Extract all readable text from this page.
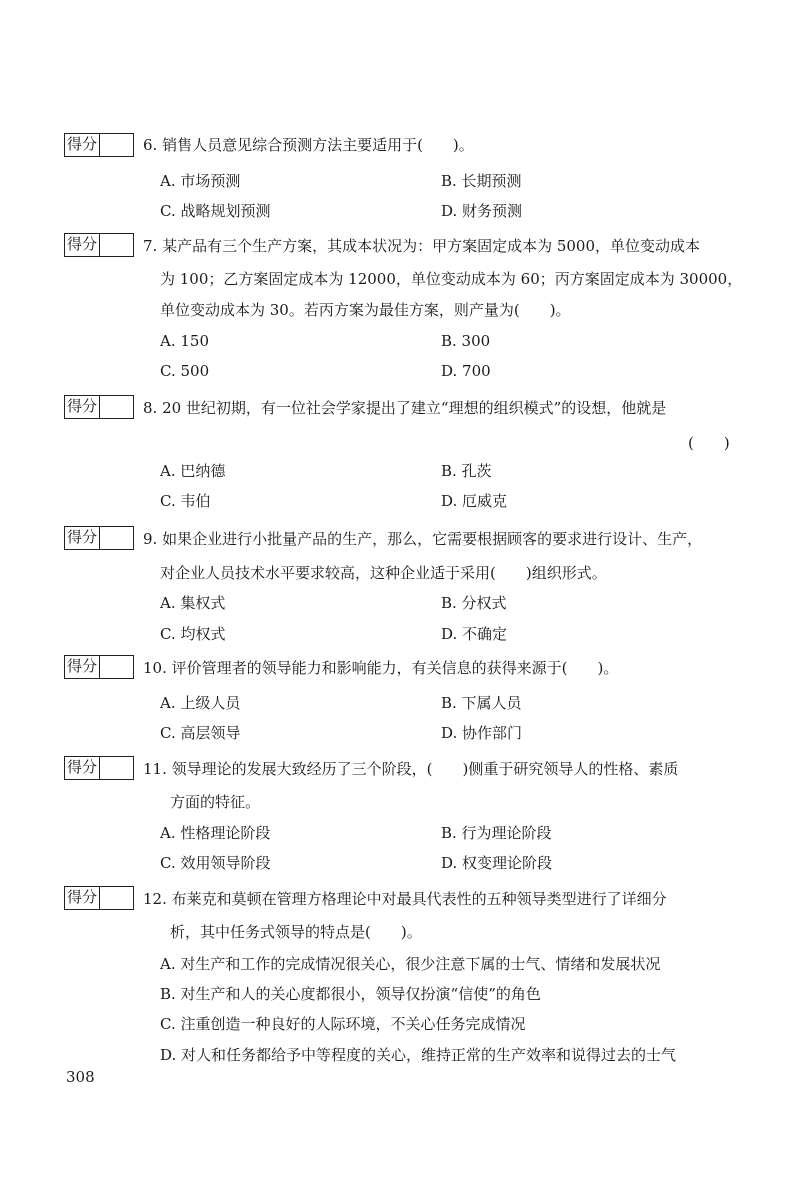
得分	6. 销售人员意见综合预测方法主要适用于(　　)。
A. 市场预测	B. 长期预测
C. 战略规划预测	D. 财务预测
得分	7. 某产品有三个生产方案，其成本状况为：甲方案固定成本为 5000，单位变动成本
为 100；乙方案固定成本为 12000，单位变动成本为 60；丙方案固定成本为 30000，
单位变动成本为 30。若丙方案为最佳方案，则产量为(　　)。
A. 150	B. 300
C. 500	D. 700
得分	8. 20 世纪初期，有一位社会学家提出了建立“理想的组织模式”的设想，他就是
(　　)
A. 巴纳德	B. 孔茨
C. 韦伯	D. 厄威克
得分	9. 如果企业进行小批量产品的生产，那么，它需要根据顾客的要求进行设计、生产，
对企业人员技术水平要求较高，这种企业适于采用(　　)组织形式。
A. 集权式	B. 分权式
C. 均权式	D. 不确定
得分	10. 评价管理者的领导能力和影响能力，有关信息的获得来源于(　　)。
A. 上级人员	B. 下属人员
C. 高层领导	D. 协作部门
得分	11. 领导理论的发展大致经历了三个阶段，(　　)侧重于研究领导人的性格、素质
方面的特征。
A. 性格理论阶段	B. 行为理论阶段
C. 效用领导阶段	D. 权变理论阶段
得分	12. 布莱克和莫顿在管理方格理论中对最具代表性的五种领导类型进行了详细分
析，其中任务式领导的特点是(　　)。
A. 对生产和工作的完成情况很关心，很少注意下属的士气、情绪和发展状况
B. 对生产和人的关心度都很小，领导仅扮演“信使”的角色
C. 注重创造一种良好的人际环境，不关心任务完成情况
D. 对人和任务都给予中等程度的关心，维持正常的生产效率和说得过去的士气
308
